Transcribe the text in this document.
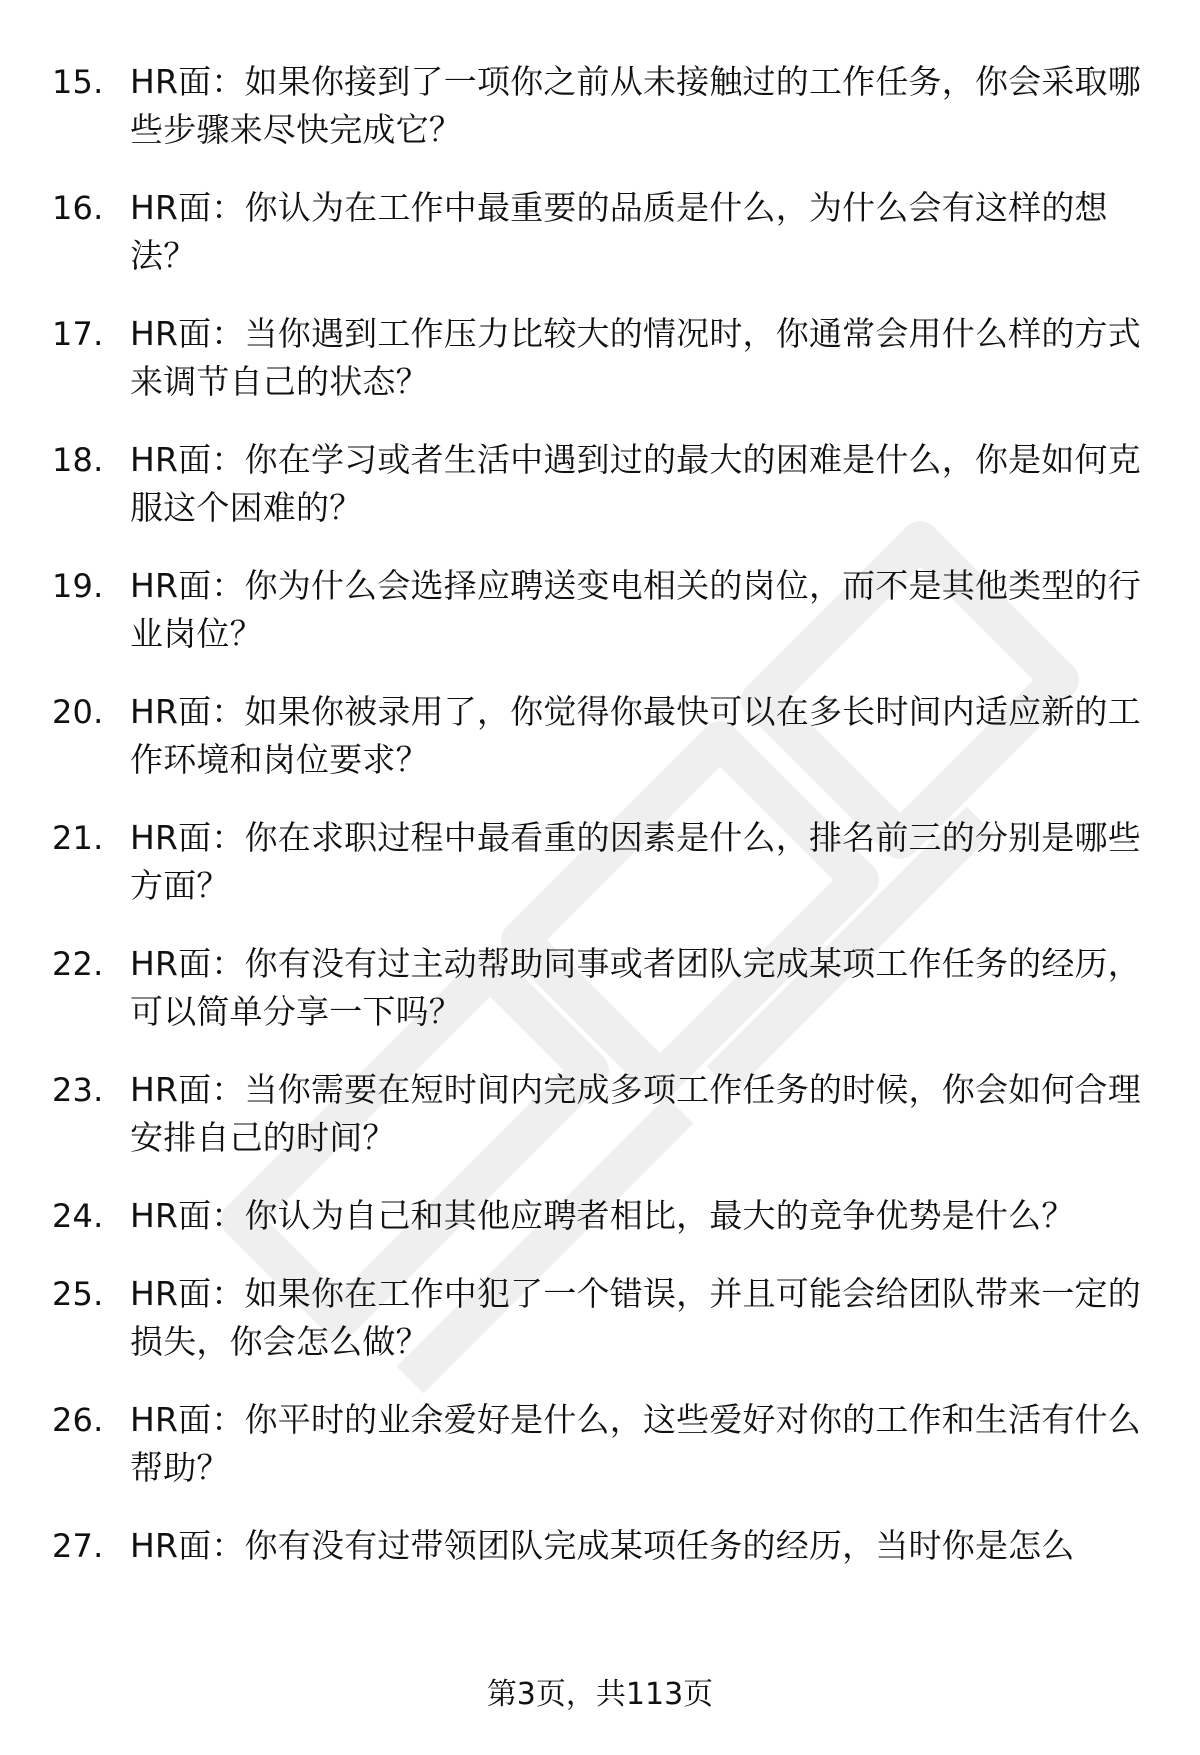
15. HR面：如果你接到了一项你之前从未接触过的工作任务，你会采取哪些步骤来尽快完成它？
16. HR面：你认为在工作中最重要的品质是什么，为什么会有这样的想法？
17. HR面：当你遇到工作压力比较大的情况时，你通常会用什么样的方式来调节自己的状态？
18. HR面：你在学习或者生活中遇到过的最大的困难是什么，你是如何克服这个困难的？
19. HR面：你为什么会选择应聘送变电相关的岗位，而不是其他类型的行业岗位？
20. HR面：如果你被录用了，你觉得你最快可以在多长时间内适应新的工作环境和岗位要求？
21. HR面：你在求职过程中最看重的因素是什么，排名前三的分别是哪些方面？
22. HR面：你有没有过主动帮助同事或者团队完成某项工作任务的经历，可以简单分享一下吗？
23. HR面：当你需要在短时间内完成多项工作任务的时候，你会如何合理安排自己的时间？
24. HR面：你认为自己和其他应聘者相比，最大的竞争优势是什么？
25. HR面：如果你在工作中犯了一个错误，并且可能会给团队带来一定的损失，你会怎么做？
26. HR面：你平时的业余爱好是什么，这些爱好对你的工作和生活有什么帮助？
27. HR面：你有没有过带领团队完成某项任务的经历，当时你是怎么
第3页，共113页
